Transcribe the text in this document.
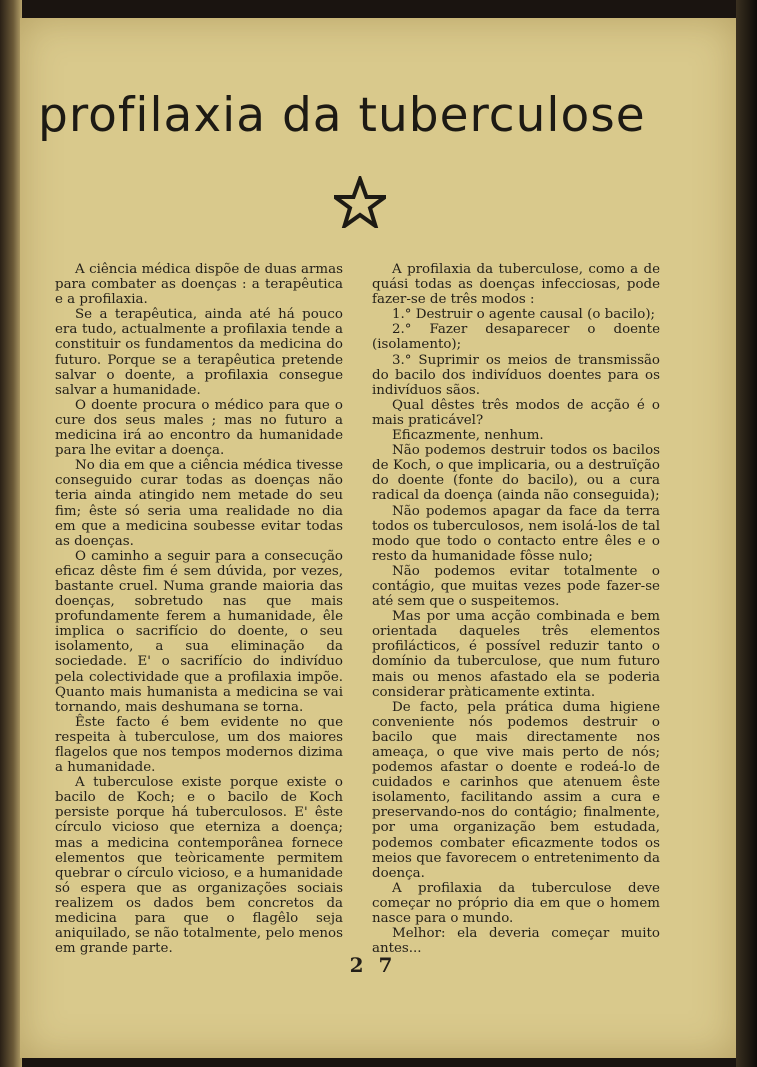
profilaxia da tuberculose

A ciência médica dispõe de duas armas para combater as doenças : a terapêutica e a profilaxia.

Se a terapêutica, ainda até há pouco era tudo, actualmente a profilaxia tende a constituir os fundamentos da medicina do futuro. Porque se a terapêutica pretende salvar o doente, a profilaxia consegue salvar a humanidade.

O doente procura o médico para que o cure dos seus males ; mas no futuro a medicina irá ao encontro da humanidade para lhe evitar a doença.

No dia em que a ciência médica tivesse conseguido curar todas as doenças não teria ainda atingido nem metade do seu fim; êste só seria uma realidade no dia em que a medicina soubesse evitar todas as doenças.

O caminho a seguir para a consecução eficaz dêste fim é sem dúvida, por vezes, bastante cruel. Numa grande maioria das doenças, sobretudo nas que mais profundamente ferem a humanidade, êle implica o sacrifício do doente, o seu isolamento, a sua eliminação da sociedade. E' o sacrifício do indivíduo pela colectividade que a profilaxia impõe. Quanto mais humanista a medicina se vai tornando, mais deshumana se torna.

Êste facto é bem evidente no que respeita à tuberculose, um dos maiores flagelos que nos tempos modernos dizima a humanidade.

A tuberculose existe porque existe o bacilo de Koch; e o bacilo de Koch persiste porque há tuberculosos. E' êste círculo vicioso que eterniza a doença; mas a medicina contemporânea fornece elementos que teòricamente permitem quebrar o círculo vicioso, e a humanidade só espera que as organizações sociais realizem os dados bem concretos da medicina para que o flagêlo seja aniquilado, se não totalmente, pelo menos em grande parte.

A profilaxia da tuberculose, como a de quási todas as doenças infecciosas, pode fazer-se de três modos :

1.° Destruir o agente causal (o bacilo);

2.° Fazer desaparecer o doente (isolamento);

3.° Suprimir os meios de transmissão do bacilo dos indivíduos doentes para os indivíduos sãos.

Qual dêstes três modos de acção é o mais praticável?

Eficazmente, nenhum.

Não podemos destruir todos os bacilos de Koch, o que implicaria, ou a destruïção do doente (fonte do bacilo), ou a cura radical da doença (ainda não conseguida);

Não podemos apagar da face da terra todos os tuberculosos, nem isolá-los de tal modo que todo o contacto entre êles e o resto da humanidade fôsse nulo;

Não podemos evitar totalmente o contágio, que muitas vezes pode fazer-se até sem que o suspeitemos.

Mas por uma acção combinada e bem orientada daqueles três elementos profilácticos, é possível reduzir tanto o domínio da tuberculose, que num futuro mais ou menos afastado ela se poderia considerar pràticamente extinta.

De facto, pela prática duma higiene conveniente nós podemos destruir o bacilo que mais directamente nos ameaça, o que vive mais perto de nós; podemos afastar o doente e rodeá-lo de cuidados e carinhos que atenuem êste isolamento, facilitando assim a cura e preservando-nos do contágio; finalmente, por uma organização bem estudada, podemos combater eficazmente todos os meios que favorecem o entretenimento da doença.

A profilaxia da tuberculose deve começar no próprio dia em que o homem nasce para o mundo.

Melhor: ela deveria começar muito antes...

2 7
